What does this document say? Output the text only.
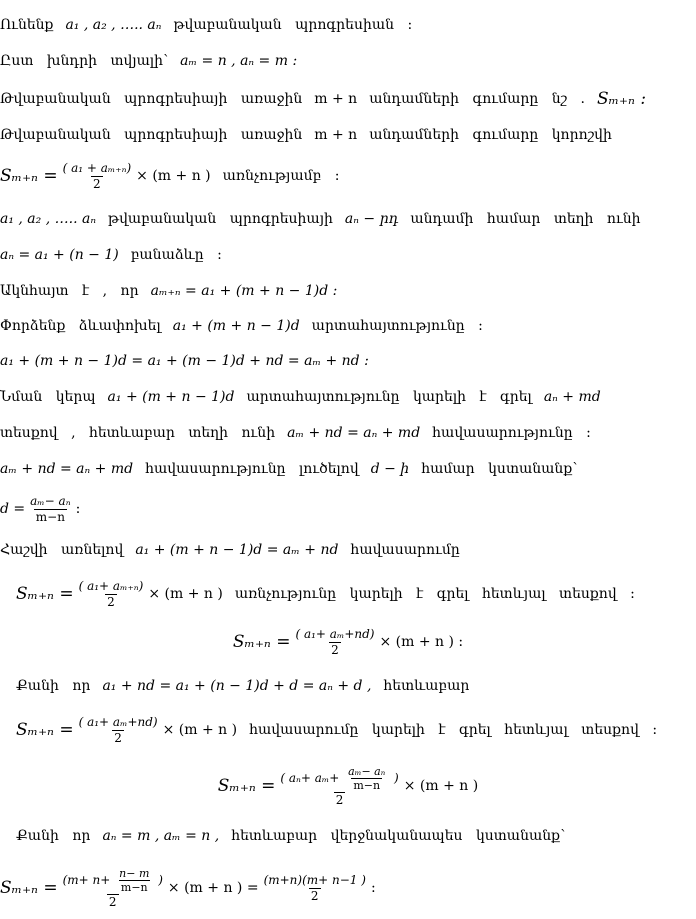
Ունենք a₁ , a₂ , ….. aₙ թվաբանական պրոգրեսիան :
Ըստ խնդրի տվյալի՝ aₘ = n , aₙ = m :
Թվաբանական պրոգրեսիայի առաջին m + n անդամների գումարը նշ . Sₘ₊ₙ :
Թվաբանական պրոգրեսիայի առաջին m + n անդամների գումարը կորոշվի
$S_{m+n} = \frac{\text{( a₁ + aₘ₊ₙ)}}{2} \times (m + n$ ) առնչությամբ :
a₁ , a₂ , ….. aₙ թվաբանական պրոգրեսիայի aₙ − րդ անդամի համար տեղի ունի
aₙ = a₁ + (n − 1) բանաձևը :
Ակնհայտ է , որ aₘ₊ₙ = a₁ + (m + n − 1)d :
Փորձենք ձևափոխել a₁ + (m + n − 1)d արտահայտությունը :
a₁ + (m + n − 1)d = a₁ + (m − 1)d + nd = aₘ + nd :
Նման կերպ a₁ + (m + n − 1)d արտահայտությունը կարելի է գրել aₙ + md
տեսքով , հետևաբար տեղի ունի aₘ + nd = aₙ + md հավասարությունը :
aₘ + nd = aₙ + md հավասարությունը լուծելով d − ի համար կստանանք՝
$d = \frac{\text{aₘ− aₙ}}{m-n}$ :
Հաշվի առնելով a₁ + (m + n − 1)d = aₘ + nd հավասարումը
$S_{m+n} = \frac{\text{( a₁+ aₘ₊ₙ)}}{2} \times (m + n$ ) առնչությունը կարելի է գրել հետևյալ տեսքով :
$S_{m+n} = \frac{\text{( a₁+ aₘ+nd)}}{2} \times (m + n$ ) :
Քանի որ a₁ + nd = a₁ + (n − 1)d + d = aₙ + d , հետևաբար
$S_{m+n} = \frac{\text{( a₁+ aₘ+nd)}}{2} \times (m + n$ ) հավասարումը կարելի է գրել հետևյալ տեսքով :
Sₘ₊ₙ = ( $a_n+ a_m+ \frac{\text{aₘ− aₙ}}{m-n}$ )
2
× (m + n )
Քանի որ aₙ = m , aₘ = n , հետևաբար վերջնականապես կստանանք՝
$S_{m+n} = (m+ n+ \frac{n- m}{m-n}$ )
2
× (m + n ) = $\frac{(m+n)(m+ n-1 )}{2}$ :
